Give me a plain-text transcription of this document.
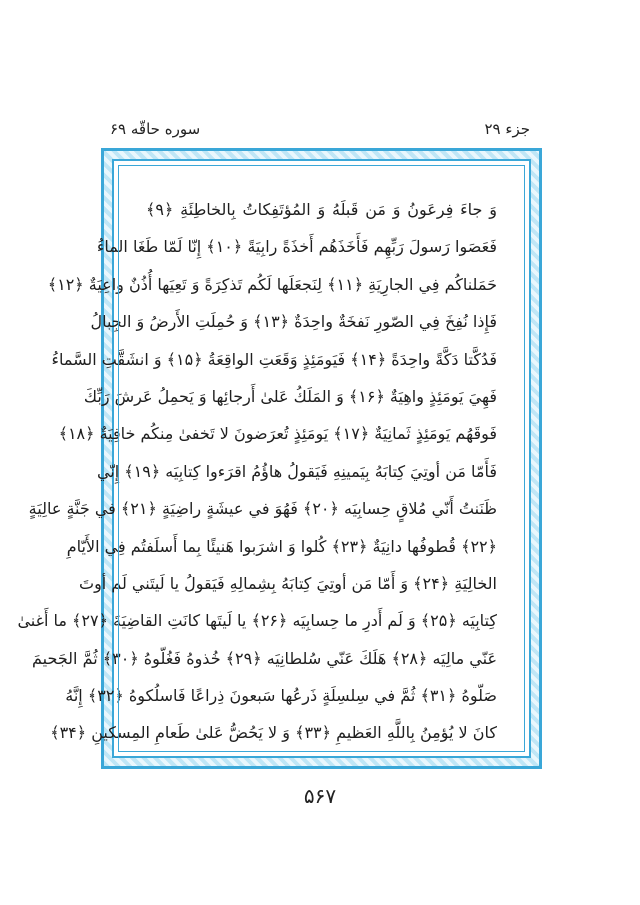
سوره حاقّه ۶۹	جزء ۲۹
وَ جاءَ فِرعَونُ وَ مَن قَبلَهُ وَ المُؤتَفِكاتُ بِالخاطِئَةِ ﴿۹﴾
فَعَصَوا رَسولَ رَبِّهِم فَأَخَذَهُم أَخذَةً رابِيَةً ﴿۱۰﴾ إِنّا لَمّا طَغَا الماءُ
حَمَلناكُم فِي الجارِيَةِ ﴿۱۱﴾ لِنَجعَلَها لَكُم تَذكِرَةً وَ تَعِيَها أُذُنٌ واعِيَةٌ ﴿۱۲﴾
فَإِذا نُفِخَ فِي الصّورِ نَفخَةٌ واحِدَةٌ ﴿۱۳﴾ وَ حُمِلَتِ الأَرضُ وَ الجِبالُ
فَدُكَّتا دَكَّةً واحِدَةً ﴿۱۴﴾ فَيَومَئِذٍ وَقَعَتِ الواقِعَةُ ﴿۱۵﴾ وَ انشَقَّتِ السَّماءُ
فَهِيَ يَومَئِذٍ واهِيَةٌ ﴿۱۶﴾ وَ المَلَكُ عَلىٰ أَرجائِها وَ يَحمِلُ عَرشَ رَبِّكَ
فَوقَهُم يَومَئِذٍ ثَمانِيَةٌ ﴿۱۷﴾ يَومَئِذٍ تُعرَضونَ لا تَخفىٰ مِنكُم خافِيَةٌ ﴿۱۸﴾
فَأَمّا مَن أوتِيَ كِتابَهُ بِيَمينِهِ فَيَقولُ هاؤُمُ اقرَءوا كِتابِيَه ﴿۱۹﴾ إِنّي
ظَنَنتُ أَنّي مُلاقٍ حِسابِيَه ﴿۲۰﴾ فَهُوَ في عيشَةٍ راضِيَةٍ ﴿۲۱﴾ في جَنَّةٍ عالِيَةٍ
﴿۲۲﴾ قُطوفُها دانِيَةٌ ﴿۲۳﴾ كُلوا وَ اشرَبوا هَنيئًا بِما أَسلَفتُم فِي الأَيّامِ
الخالِيَةِ ﴿۲۴﴾ وَ أَمّا مَن أوتِيَ كِتابَهُ بِشِمالِهِ فَيَقولُ يا لَيتَني لَم أوتَ
كِتابِيَه ﴿۲۵﴾ وَ لَم أَدرِ ما حِسابِيَه ﴿۲۶﴾ يا لَيتَها كانَتِ القاضِيَةَ ﴿۲۷﴾ ما أَغنىٰ
عَنّي مالِيَه ﴿۲۸﴾ هَلَكَ عَنّي سُلطانِيَه ﴿۲۹﴾ خُذوهُ فَغُلّوهُ ﴿۳۰﴾ ثُمَّ الجَحيمَ
صَلّوهُ ﴿۳۱﴾ ثُمَّ في سِلسِلَةٍ ذَرعُها سَبعونَ ذِراعًا فَاسلُكوهُ ﴿۳۲﴾ إِنَّهُ
كانَ لا يُؤمِنُ بِاللَّهِ العَظيمِ ﴿۳۳﴾ وَ لا يَحُضُّ عَلىٰ طَعامِ المِسكينِ ﴿۳۴﴾
۵۶۷
